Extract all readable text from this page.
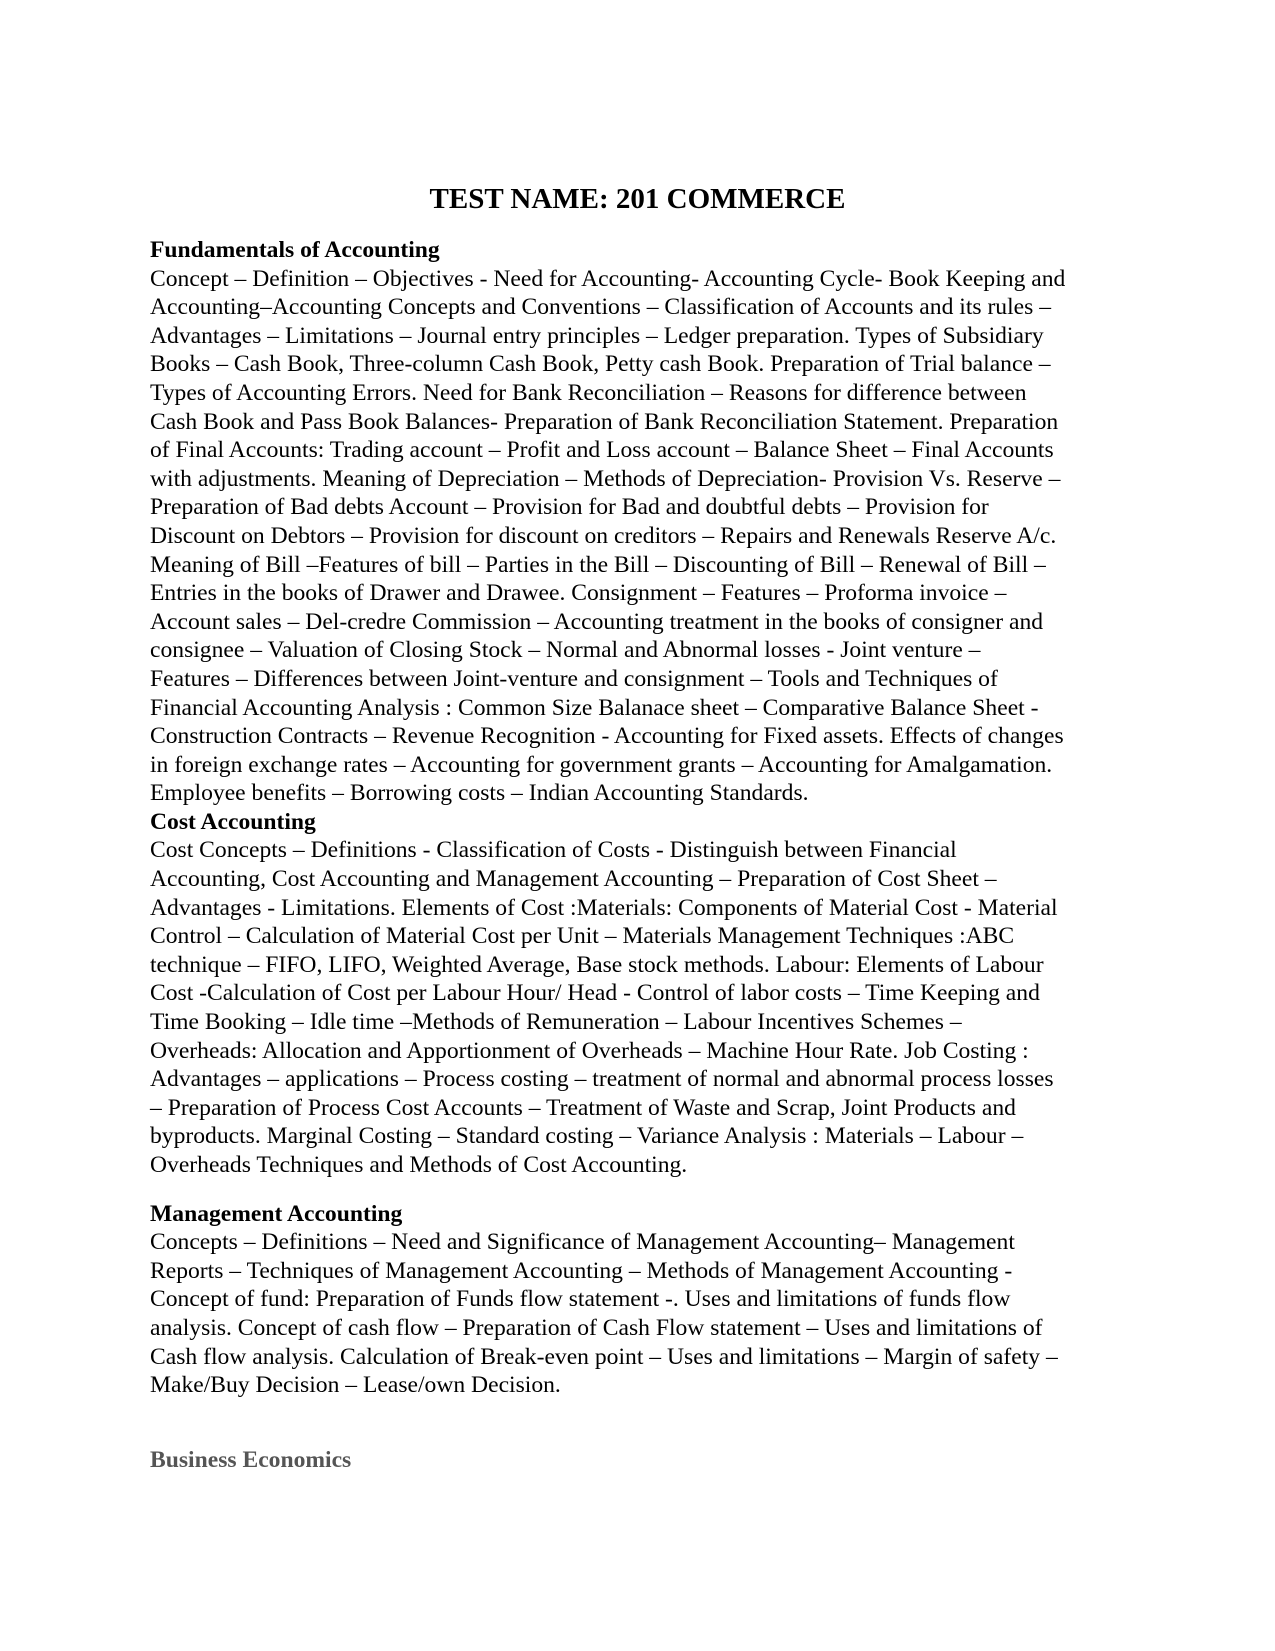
TEST NAME: 201 COMMERCE
Fundamentals of Accounting
Concept – Definition – Objectives - Need for Accounting- Accounting Cycle- Book Keeping and
Accounting–Accounting Concepts and Conventions – Classification of Accounts and its rules –
Advantages – Limitations – Journal entry principles – Ledger preparation. Types of Subsidiary
Books – Cash Book, Three-column Cash Book, Petty cash Book. Preparation of Trial balance –
Types of Accounting Errors. Need for Bank Reconciliation – Reasons for difference between
Cash Book and Pass Book Balances- Preparation of Bank Reconciliation Statement. Preparation
of Final Accounts: Trading account – Profit and Loss account – Balance Sheet – Final Accounts
with adjustments. Meaning of Depreciation – Methods of Depreciation- Provision Vs. Reserve –
Preparation of Bad debts Account – Provision for Bad and doubtful debts – Provision for
Discount on Debtors – Provision for discount on creditors – Repairs and Renewals Reserve A/c.
Meaning of Bill –Features of bill – Parties in the Bill – Discounting of Bill – Renewal of Bill –
Entries in the books of Drawer and Drawee. Consignment – Features – Proforma invoice –
Account sales – Del-credre Commission – Accounting treatment in the books of consigner and
consignee – Valuation of Closing Stock – Normal and Abnormal losses - Joint venture –
Features – Differences between Joint-venture and consignment – Tools and Techniques of
Financial Accounting Analysis : Common Size Balanace sheet – Comparative Balance Sheet -
Construction Contracts – Revenue Recognition - Accounting for Fixed assets. Effects of changes
in foreign exchange rates – Accounting for government grants – Accounting for Amalgamation.
Employee benefits – Borrowing costs – Indian Accounting Standards.
Cost Accounting
Cost Concepts – Definitions - Classification of Costs - Distinguish between Financial
Accounting, Cost Accounting and Management Accounting – Preparation of Cost Sheet –
Advantages - Limitations. Elements of Cost :Materials: Components of Material Cost - Material
Control – Calculation of Material Cost per Unit – Materials Management Techniques :ABC
technique – FIFO, LIFO, Weighted Average, Base stock methods. Labour: Elements of Labour
Cost -Calculation of Cost per Labour Hour/ Head - Control of labor costs – Time Keeping and
Time Booking – Idle time –Methods of Remuneration – Labour Incentives Schemes –
Overheads: Allocation and Apportionment of Overheads – Machine Hour Rate. Job Costing :
Advantages – applications – Process costing – treatment of normal and abnormal process losses
– Preparation of Process Cost Accounts – Treatment of Waste and Scrap, Joint Products and
byproducts. Marginal Costing – Standard costing – Variance Analysis : Materials – Labour –
Overheads Techniques and Methods of Cost Accounting.
Management Accounting
Concepts – Definitions – Need and Significance of Management Accounting– Management
Reports – Techniques of Management Accounting – Methods of Management Accounting -
Concept of fund: Preparation of Funds flow statement -. Uses and limitations of funds flow
analysis. Concept of cash flow – Preparation of Cash Flow statement – Uses and limitations of
Cash flow analysis. Calculation of Break-even point – Uses and limitations – Margin of safety –
Make/Buy Decision – Lease/own Decision.
Business Economics
